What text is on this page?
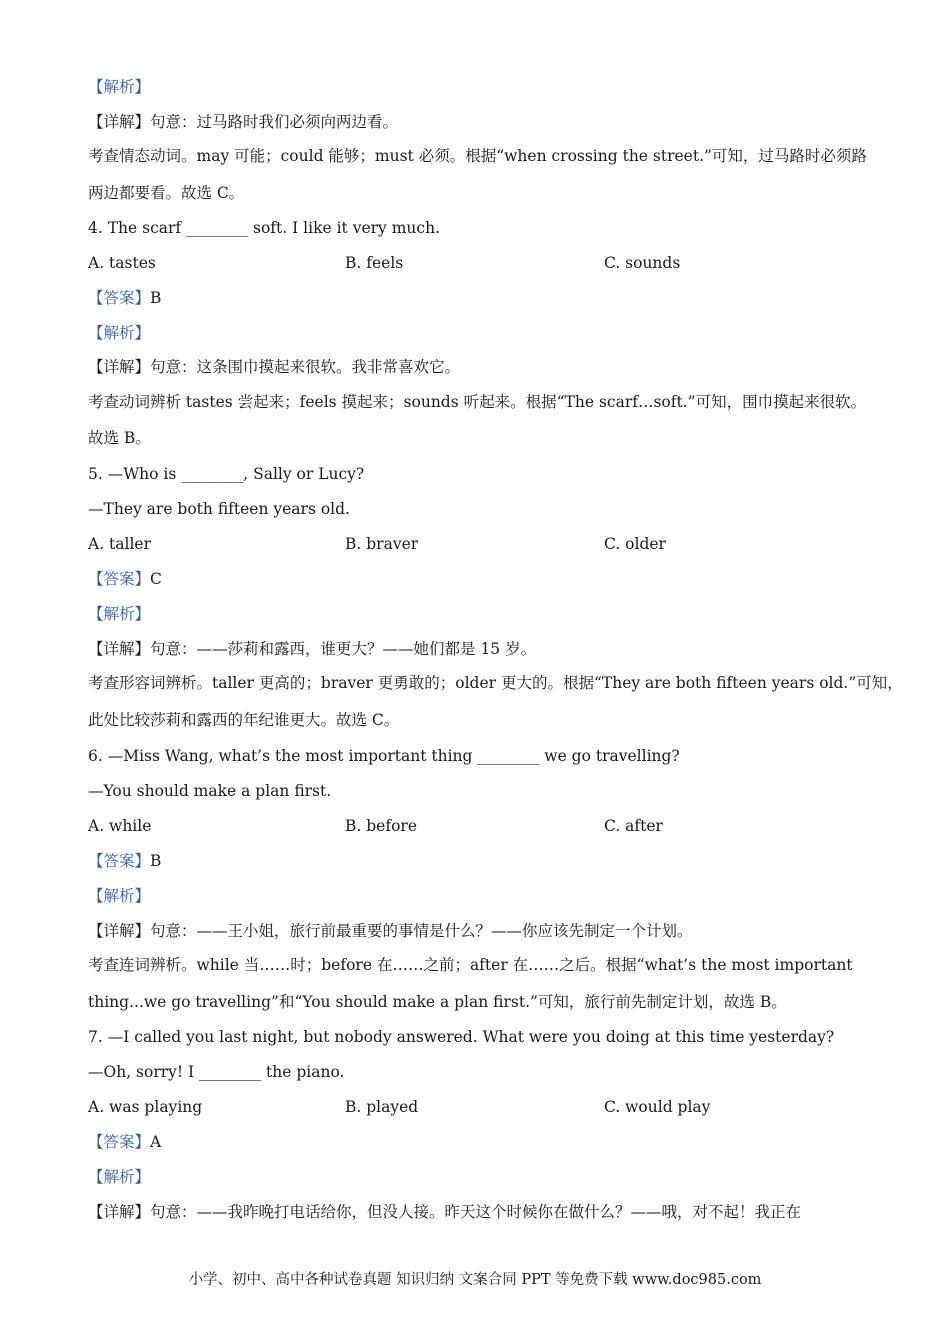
【解析】
【详解】句意：过马路时我们必须向两边看。
考查情态动词。may 可能；could 能够；must 必须。根据“when crossing the street.”可知，过马路时必须路
两边都要看。故选 C。
4. The scarf ________ soft. I like it very much.
A. tastes	B. feels	C. sounds
【答案】B
【解析】
【详解】句意：这条围巾摸起来很软。我非常喜欢它。
考查动词辨析 tastes 尝起来；feels 摸起来；sounds 听起来。根据“The scarf…soft.”可知，围巾摸起来很软。
故选 B。
5. —Who is ________, Sally or Lucy?
—They are both fifteen years old.
A. taller	B. braver	C. older
【答案】C
【解析】
【详解】句意：——莎莉和露西，谁更大？——她们都是 15 岁。
考查形容词辨析。taller 更高的；braver 更勇敢的；older 更大的。根据“They are both fifteen years old.”可知，
此处比较莎莉和露西的年纪谁更大。故选 C。
6. —Miss Wang, what’s the most important thing ________ we go travelling?
—You should make a plan first.
A. while	B. before	C. after
【答案】B
【解析】
【详解】句意：——王小姐，旅行前最重要的事情是什么？——你应该先制定一个计划。
考查连词辨析。while 当……时；before 在……之前；after 在……之后。根据“what’s the most important
thing...we go travelling”和“You should make a plan first.”可知，旅行前先制定计划，故选 B。
7. —I called you last night, but nobody answered. What were you doing at this time yesterday?
—Oh, sorry! I ________ the piano.
A. was playing	B. played	C. would play
【答案】A
【解析】
【详解】句意：——我昨晚打电话给你，但没人接。昨天这个时候你在做什么？——哦，对不起！我正在
小学、初中、高中各种试卷真题 知识归纳 文案合同 PPT 等免费下载 www.doc985.com
